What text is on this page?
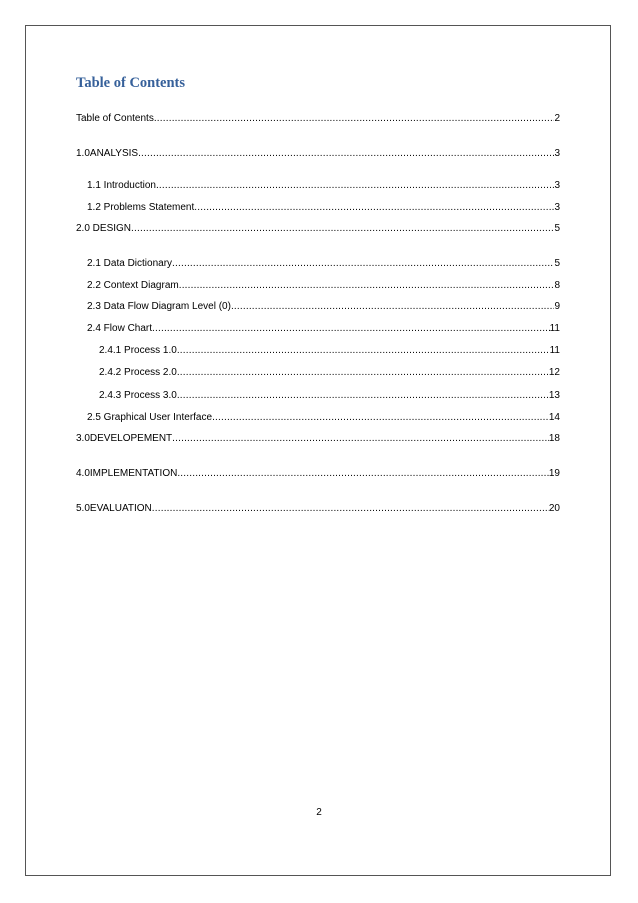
Table of Contents
Table of Contents .....	2
1.0ANALYSIS .....	3
1.1 Introduction .....	3
1.2 Problems Statement .....	3
2.0 DESIGN .....	5
2.1 Data Dictionary .....	5
2.2 Context Diagram .....	8
2.3 Data Flow Diagram Level (0) .....	9
2.4 Flow Chart .....	11
2.4.1 Process 1.0 .....	11
2.4.2 Process 2.0 .....	12
2.4.3 Process 3.0 .....	13
2.5 Graphical User Interface .....	14
3.0DEVELOPEMENT .....	18
4.0IMPLEMENTATION .....	19
5.0EVALUATION .....	20
2
